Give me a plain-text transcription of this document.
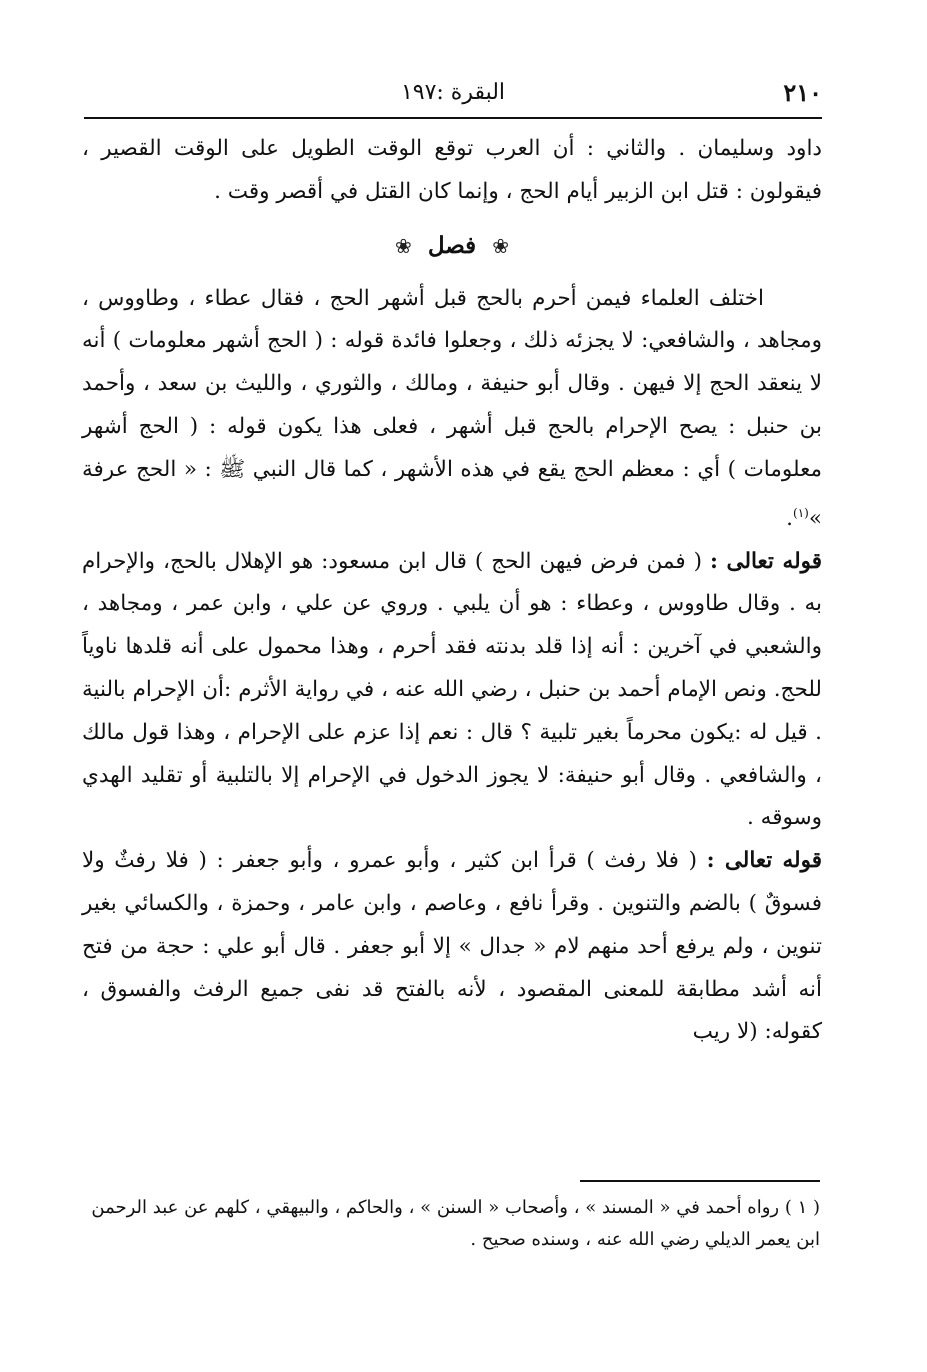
٢١٠
البقرة :١٩٧

داود وسليمان . والثاني : أن العرب توقع الوقت الطويل على الوقت القصير ، فيقولون : قتل ابن الزبير أيام الحج ، وإنما كان القتل في أقصر وقت .

❀ فصل ❀

اختلف العلماء فيمن أحرم بالحج قبل أشهر الحج ، فقال عطاء ، وطاووس ، ومجاهد ، والشافعي: لا يجزئه ذلك ، وجعلوا فائدة قوله : ( الحج أشهر معلومات ) أنه لا ينعقد الحج إلا فيهن . وقال أبو حنيفة ، ومالك ، والثوري ، والليث بن سعد ، وأحمد بن حنبل : يصح الإحرام بالحج قبل أشهر ، فعلى هذا يكون قوله : ( الحج أشهر معلومات ) أي : معظم الحج يقع في هذه الأشهر ، كما قال النبي ﷺ : « الحج عرفة »$^{(١)}$.

قوله تعالى : ( فمن فرض فيهن الحج ) قال ابن مسعود: هو الإهلال بالحج، والإحرام به . وقال طاووس ، وعطاء : هو أن يلبي . وروي عن علي ، وابن عمر ، ومجاهد ، والشعبي في آخرين : أنه إذا قلد بدنته فقد أحرم ، وهذا محمول على أنه قلدها ناوياً للحج. ونص الإمام أحمد بن حنبل ، رضي الله عنه ، في رواية الأثرم :أن الإحرام بالنية . قيل له :يكون محرماً بغير تلبية ؟ قال : نعم إذا عزم على الإحرام ، وهذا قول مالك ، والشافعي . وقال أبو حنيفة: لا يجوز الدخول في الإحرام إلا بالتلبية أو تقليد الهدي وسوقه .

قوله تعالى : ( فلا رفث ) قرأ ابن كثير ، وأبو عمرو ، وأبو جعفر : ( فلا رفثٌ ولا فسوقٌ ) بالضم والتنوين . وقرأ نافع ، وعاصم ، وابن عامر ، وحمزة ، والكسائي بغير تنوين ، ولم يرفع أحد منهم لام « جدال » إلا أبو جعفر . قال أبو علي : حجة من فتح أنه أشد مطابقة للمعنى المقصود ، لأنه بالفتح قد نفى جميع الرفث والفسوق ، كقوله: (لا ريب

( ١ ) رواه أحمد في « المسند » ، وأصحاب « السنن » ، والحاكم ، والبيهقي ، كلهم عن عبد الرحمن

ابن يعمر الديلي رضي الله عنه ، وسنده صحيح .
